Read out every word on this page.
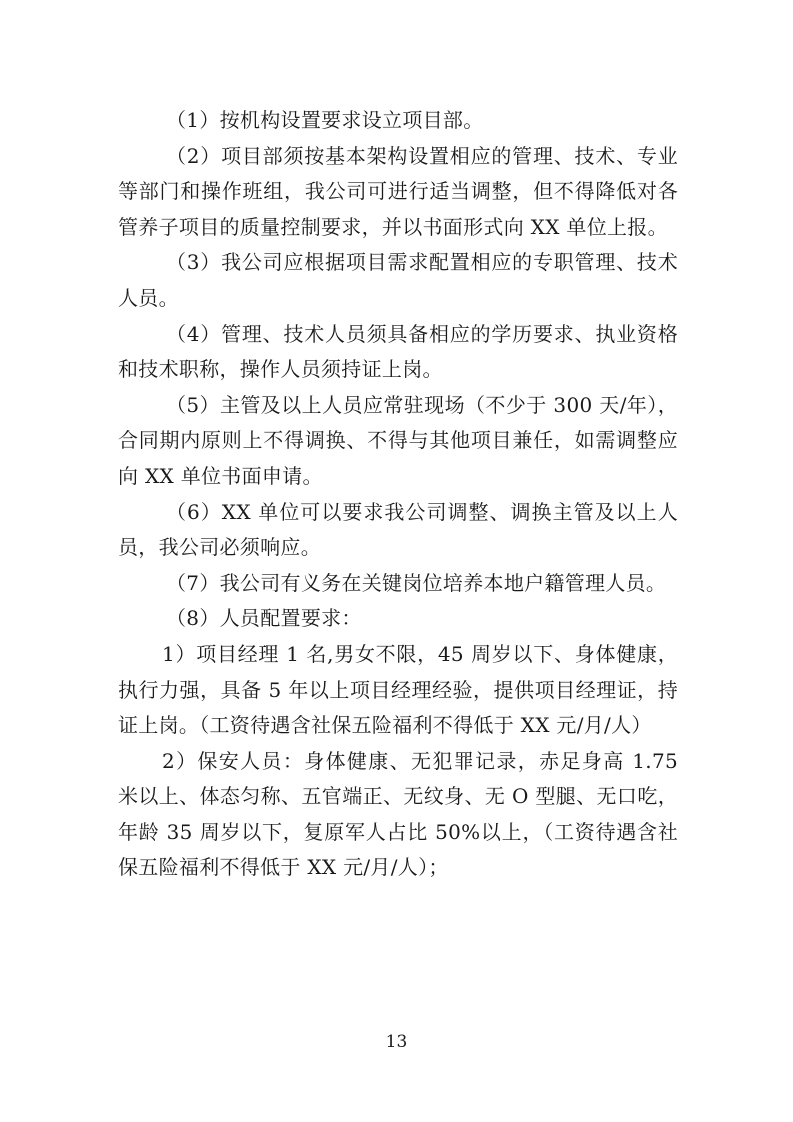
（1）按机构设置要求设立项目部。

（2）项目部须按基本架构设置相应的管理、技术、专业等部门和操作班组，我公司可进行适当调整，但不得降低对各管养子项目的质量控制要求，并以书面形式向 XX 单位上报。

（3）我公司应根据项目需求配置相应的专职管理、技术人员。

（4）管理、技术人员须具备相应的学历要求、执业资格和技术职称，操作人员须持证上岗。

（5）主管及以上人员应常驻现场（不少于 300 天/年），合同期内原则上不得调换、不得与其他项目兼任，如需调整应向 XX 单位书面申请。

（6）XX 单位可以要求我公司调整、调换主管及以上人员，我公司必须响应。

（7）我公司有义务在关键岗位培养本地户籍管理人员。

（8）人员配置要求：

1）项目经理 1 名,男女不限，45 周岁以下、身体健康，执行力强，具备 5 年以上项目经理经验，提供项目经理证，持证上岗。（工资待遇含社保五险福利不得低于 XX 元/月/人）

2）保安人员：身体健康、无犯罪记录，赤足身高 1.75 米以上、体态匀称、五官端正、无纹身、无 O 型腿、无口吃，年龄 35 周岁以下，复原军人占比 50%以上，（工资待遇含社保五险福利不得低于 XX 元/月/人）；

13
